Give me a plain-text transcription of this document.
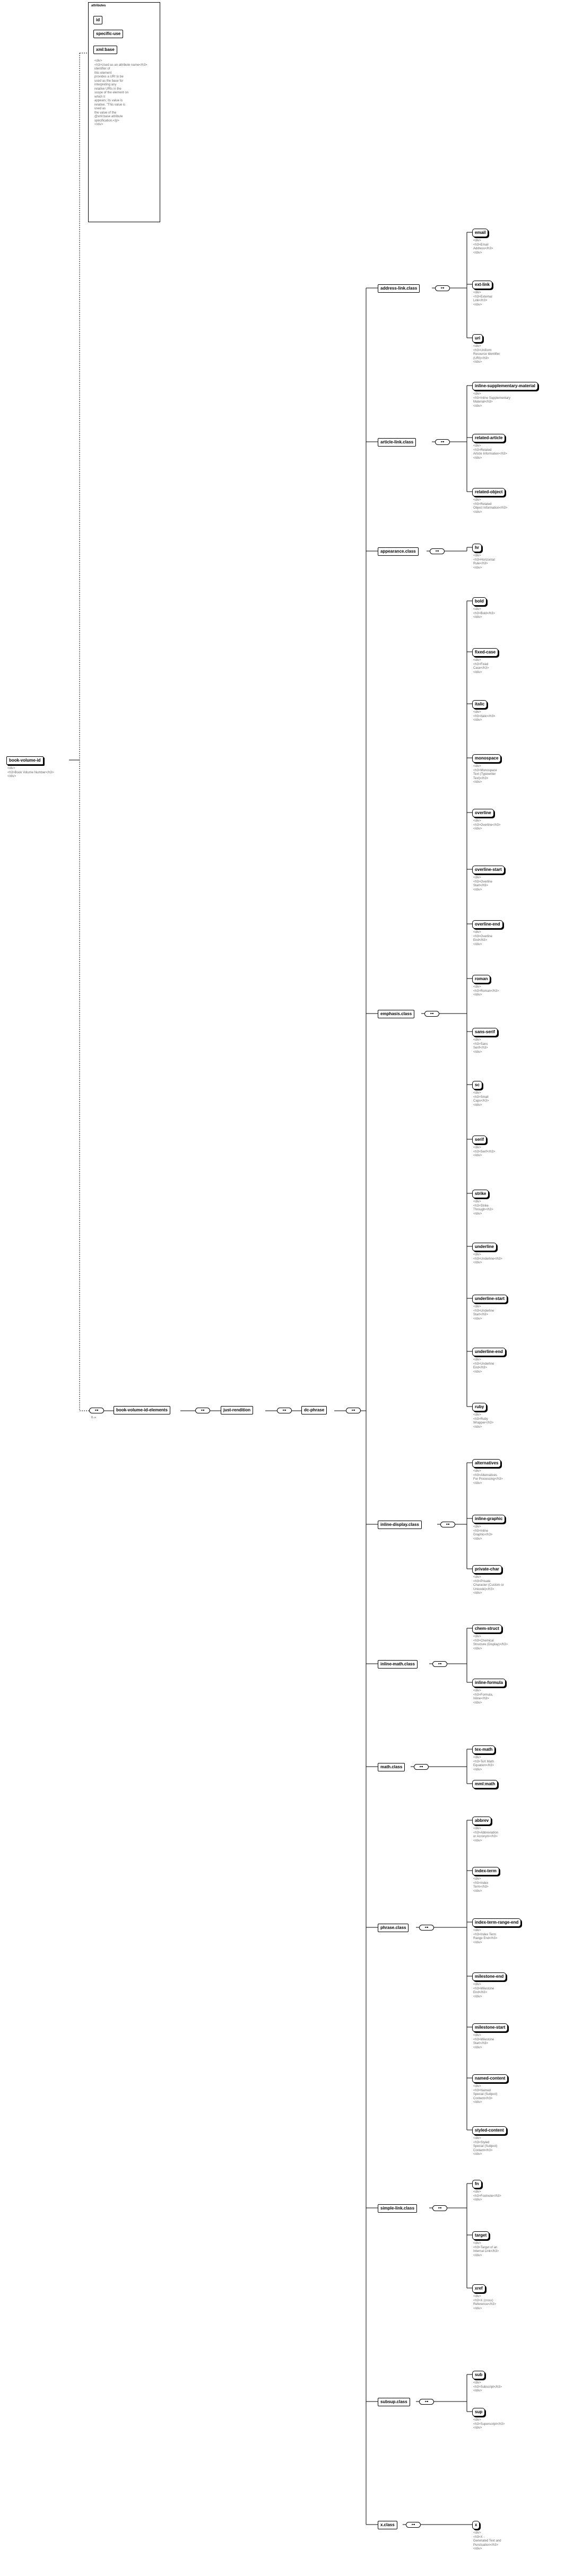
attributes
id
specific-use
xml:base
<div>
<h3>Used as an attribute name</h3>
identifier of
this element
provides a URI to be
used as the base for
interpreting any
relative URIs in the
scope of the element on
which it
appears; its value is
relative. "This value is
used as
the value of the
@xml:base attribute
specification.</p>
</div>
book-volume-id
<div>
<h3>Book Volume Number</h3>
</div>
⊶
0..∞
book-volume-id-elements	⊶	just-rendition	⊶	dc-phrase	⊶
address-link.class	⊶
email
<div>
<h3>Email
Address</h3>
</div>
ext-link
<div>
<h3>External
Link</h3>
</div>
uri
<div>
<h3>Uniform
Resource Identifier
(URI)</h3>
</div>
article-link.class	⊶
inline-supplementary-material
<div>
<h3>Inline Supplementary
Material</h3>
</div>
related-article
<div>
<h3>Related
Article Information</h3>
</div>
related-object
<div>
<h3>Related
Object Information</h3>
</div>
appearance.class	⊶
hr
<div>
<h3>Horizontal
Rule</h3>
</div>
emphasis.class	⊶
bold
<div>
<h3>Bold</h3>
</div>
fixed-case
<div>
<h3>Fixed
Case</h3>
</div>
italic
<div>
<h3>Italic</h3>
</div>
monospace
<div>
<h3>Monospace
Text (Typewriter
Text)</h3>
</div>
overline
<div>
<h3>Overline</h3>
</div>
overline-start
<div>
<h3>Overline
Start</h3>
</div>
overline-end
<div>
<h3>Overline
End</h3>
</div>
roman
<div>
<h3>Roman</h3>
</div>
sans-serif
<div>
<h3>Sans
Serif</h3>
</div>
sc
<div>
<h3>Small
Caps</h3>
</div>
serif
<div>
<h3>Serif</h3>
</div>
strike
<div>
<h3>Strike
Through</h3>
</div>
underline
<div>
<h3>Underline</h3>
</div>
underline-start
<div>
<h3>Underline
Start</h3>
</div>
underline-end
<div>
<h3>Underline
End</h3>
</div>
ruby
<div>
<h3>Ruby
Wrapper</h3>
</div>
inline-display.class	⊶
alternatives
<div>
<h3>Alternatives
For Processing</h3>
</div>
inline-graphic
<div>
<h3>Inline
Graphic</h3>
</div>
private-char
<div>
<h3>Private
Character (Custom or
Unicode)</h3>
</div>
inline-math.class	⊶
chem-struct
<div>
<h3>Chemical
Structure (Display)</h3>
</div>
inline-formula
<div>
<h3>Formula,
Inline</h3>
</div>
math.class	⊶
tex-math
<div>
<h3>TeX Math
Equation</h3>
</div>
mml:math
phrase.class	⊶
abbrev
<div>
<h3>Abbreviation
or Acronym</h3>
</div>
index-term
<div>
<h3>Index
Term</h3>
</div>
index-term-range-end
<div>
<h3>Index Term
Range End</h3>
</div>
milestone-end
<div>
<h3>Milestone
End</h3>
</div>
milestone-start
<div>
<h3>Milestone
Start</h3>
</div>
named-content
<div>
<h3>Named
Special (Subject)
Content</h3>
</div>
styled-content
<div>
<h3>Styled
Special (Subject)
Content</h3>
</div>
simple-link.class	⊶
fn
<div>
<h3>Footnote</h3>
</div>
target
<div>
<h3>Target of an
Internal Link</h3>
</div>
xref
<div>
<h3>X (cross)
Reference</h3>
</div>
subsup.class	⊶
sub
<div>
<h3>Subscript</h3>
</div>
sup
<div>
<h3>Superscript</h3>
</div>
x.class	⊶	x
<div>
<h3>X -
Generated Text and
Punctuation</h3>
</div>
